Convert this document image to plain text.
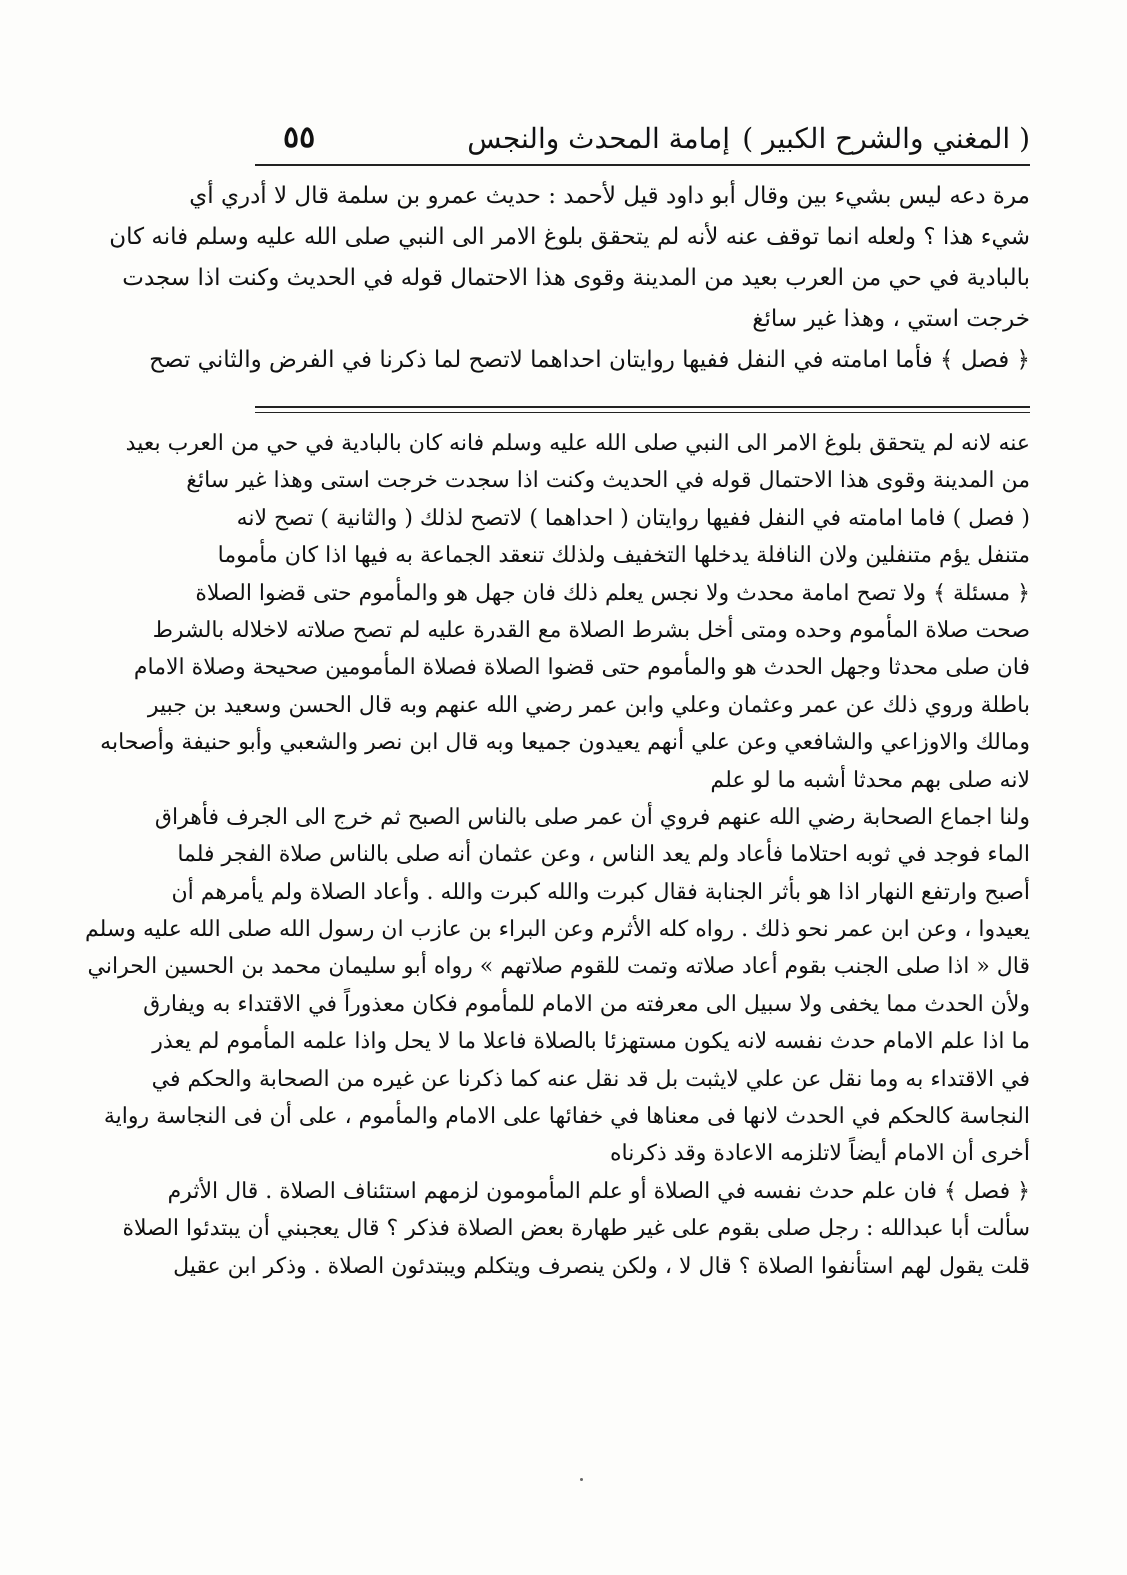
( المغني والشرح الكبير )
إمامة المحدث والنجس
٥٥
مرة دعه ليس بشيء بين وقال أبو داود قيل لأحمد : حديث عمرو بن سلمة قال لا أدري أي
شيء هذا ؟ ولعله انما توقف عنه لأنه لم يتحقق بلوغ الامر الى النبي صلى الله عليه وسلم فانه كان
بالبادية في حي من العرب بعيد من المدينة وقوى هذا الاحتمال قوله في الحديث وكنت اذا سجدت
خرجت استي ، وهذا غير سائغ
﴿ فصل ﴾ فأما امامته في النفل ففيها روايتان احداهما لاتصح لما ذكرنا في الفرض والثاني تصح
عنه لانه لم يتحقق بلوغ الامر الى النبي صلى الله عليه وسلم فانه كان بالبادية في حي من العرب بعيد
من المدينة وقوى هذا الاحتمال قوله في الحديث وكنت اذا سجدت خرجت استى وهذا غير سائغ
( فصل ) فاما امامته في النفل ففيها روايتان ( احداهما ) لاتصح لذلك ( والثانية ) تصح لانه
متنفل يؤم متنفلين ولان النافلة يدخلها التخفيف ولذلك تنعقد الجماعة به فيها اذا كان مأموما
﴿ مسئلة ﴾ ولا تصح امامة محدث ولا نجس يعلم ذلك فان جهل هو والمأموم حتى قضوا الصلاة
صحت صلاة المأموم وحده ومتى أخل بشرط الصلاة مع القدرة عليه لم تصح صلاته لاخلاله بالشرط
فان صلى محدثا وجهل الحدث هو والمأموم حتى قضوا الصلاة فصلاة المأمومين صحيحة وصلاة الامام
باطلة وروي ذلك عن عمر وعثمان وعلي وابن عمر رضي الله عنهم وبه قال الحسن وسعيد بن جبير
ومالك والاوزاعي والشافعي وعن علي أنهم يعيدون جميعا وبه قال ابن نصر والشعبي وأبو حنيفة وأصحابه
لانه صلى بهم محدثا أشبه ما لو علم
ولنا اجماع الصحابة رضي الله عنهم فروي أن عمر صلى بالناس الصبح ثم خرج الى الجرف فأهراق
الماء فوجد في ثوبه احتلاما فأعاد ولم يعد الناس ، وعن عثمان أنه صلى بالناس صلاة الفجر فلما
أصبح وارتفع النهار اذا هو بأثر الجنابة فقال كبرت والله كبرت والله . وأعاد الصلاة ولم يأمرهم أن
يعيدوا ، وعن ابن عمر نحو ذلك . رواه كله الأثرم وعن البراء بن عازب ان رسول الله صلى الله عليه وسلم
قال « اذا صلى الجنب بقوم أعاد صلاته وتمت للقوم صلاتهم » رواه أبو سليمان محمد بن الحسين الحراني
ولأن الحدث مما يخفى ولا سبيل الى معرفته من الامام للمأموم فكان معذوراً في الاقتداء به ويفارق
ما اذا علم الامام حدث نفسه لانه يكون مستهزئا بالصلاة فاعلا ما لا يحل واذا علمه المأموم لم يعذر
في الاقتداء به وما نقل عن علي لايثبت بل قد نقل عنه كما ذكرنا عن غيره من الصحابة والحكم في
النجاسة كالحكم في الحدث لانها فى معناها في خفائها على الامام والمأموم ، على أن فى النجاسة رواية
أخرى أن الامام أيضاً لاتلزمه الاعادة وقد ذكرناه
﴿ فصل ﴾ فان علم حدث نفسه في الصلاة أو علم المأمومون لزمهم استئناف الصلاة . قال الأثرم
سألت أبا عبدالله : رجل صلى بقوم على غير طهارة بعض الصلاة فذكر ؟ قال يعجبني أن يبتدئوا الصلاة
قلت يقول لهم استأنفوا الصلاة ؟ قال لا ، ولكن ينصرف ويتكلم ويبتدئون الصلاة . وذكر ابن عقيل
